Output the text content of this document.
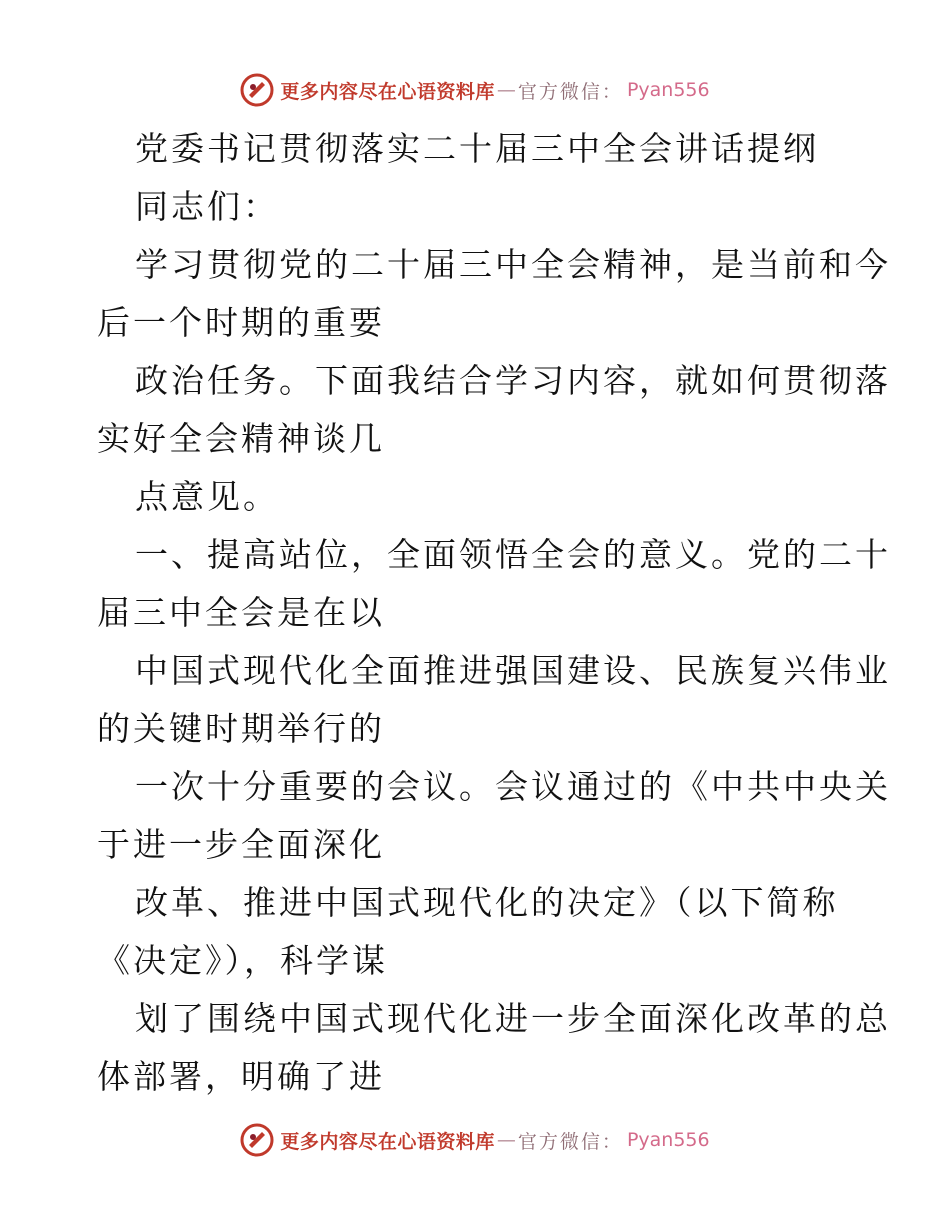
更多内容尽在心语资料库 — 官方微信： Pyan556
党委书记贯彻落实二十届三中全会讲话提纲
同志们：
学习贯彻党的二十届三中全会精神，是当前和今
后一个时期的重要
政治任务。下面我结合学习内容，就如何贯彻落
实好全会精神谈几
点意见。
一、提高站位，全面领悟全会的意义。党的二十
届三中全会是在以
中国式现代化全面推进强国建设、民族复兴伟业
的关键时期举行的
一次十分重要的会议。会议通过的《中共中央关
于进一步全面深化
改革、推进中国式现代化的决定》（以下简称
《决定》），科学谋
划了围绕中国式现代化进一步全面深化改革的总
体部署，明确了进
更多内容尽在心语资料库 — 官方微信： Pyan556
